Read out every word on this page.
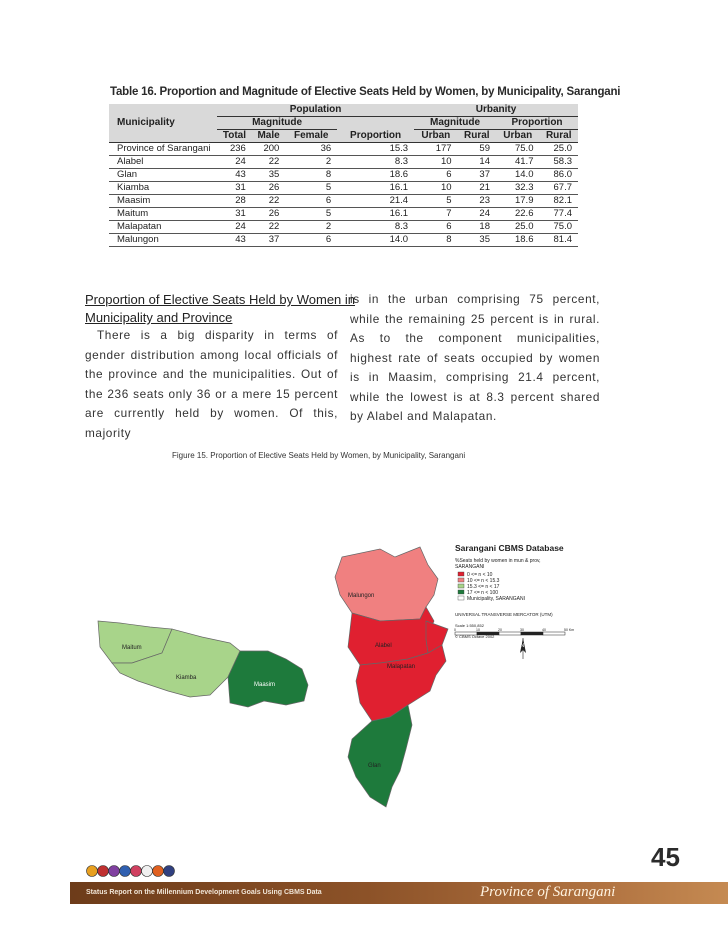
Table 16. Proportion and Magnitude of Elective Seats Held by Women, by Municipality, Sarangani
Municipality	Population				Urbanity			
	Magnitude			Proportion	Magnitude		Proportion	
	Total	Male	Female		Urban	Rural	Urban	Rural
Province of Sarangani	236	200	36	15.3	177	59	75.0	25.0
Alabel	24	22	2	8.3	10	14	41.7	58.3
Glan	43	35	8	18.6	6	37	14.0	86.0
Kiamba	31	26	5	16.1	10	21	32.3	67.7
Maasim	28	22	6	21.4	5	23	17.9	82.1
Maitum	31	26	5	16.1	7	24	22.6	77.4
Malapatan	24	22	2	8.3	6	18	25.0	75.0
Malungon	43	37	6	14.0	8	35	18.6	81.4
Proportion of Elective Seats Held by Women in Municipality and Province
There is a big disparity in terms of gender distribution among local officials of the province and the municipalities. Out of the 236 seats only 36 or a mere 15 percent are currently held by women. Of this, majority
is in the urban comprising 75 percent, while the remaining 25 percent is in rural. As to the component municipalities, highest rate of seats occupied by women is in Maasim, comprising 21.4 percent, while the lowest is at 8.3 percent shared by Alabel and Malapatan.
Figure 15. Proportion of Elective Seats Held by Women, by Municipality, Sarangani
Malungon
Alabel
Malapatan
Glan
Maitum
Kiamba
Maasim
Sarangani CBMS Database
%Seats held by women in mun & prov,
SARANGANI
0 <= n < 10
10 <= n < 15.3
15.3 <= n < 17
17 <= n < 100
Municipality, SARANGANI
UNIVERSAL TRANSVERSE MERCATOR (UTM)
Scale 1:550,852
0	10	20	30	40	50 Km
© CBMS Octave 2002
N
45
Status Report on the Millennium Development Goals Using CBMS Data	Province of Sarangani
